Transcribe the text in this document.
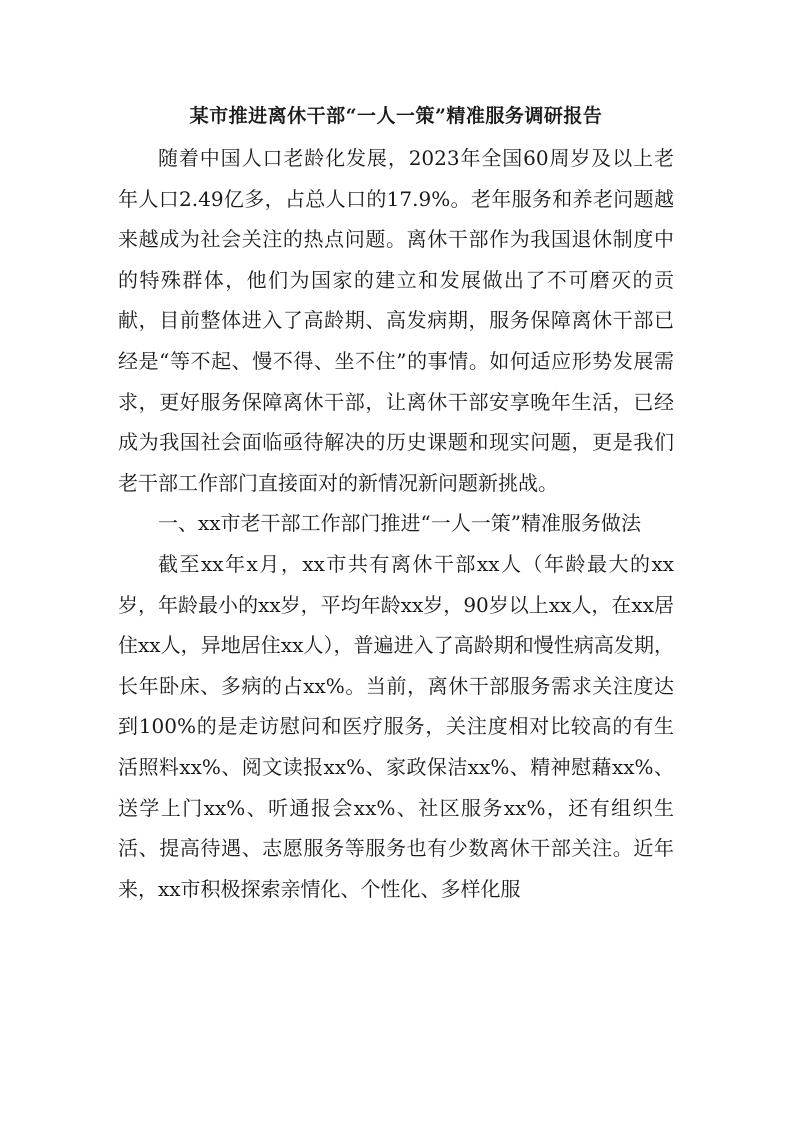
某市推进离休干部“一人一策”精准服务调研报告

随着中国人口老龄化发展，2023年全国60周岁及以上老年人口2.49亿多，占总人口的17.9%。老年服务和养老问题越来越成为社会关注的热点问题。离休干部作为我国退休制度中的特殊群体，他们为国家的建立和发展做出了不可磨灭的贡献，目前整体进入了高龄期、高发病期，服务保障离休干部已经是“等不起、慢不得、坐不住”的事情。如何适应形势发展需求，更好服务保障离休干部，让离休干部安享晚年生活，已经成为我国社会面临亟待解决的历史课题和现实问题，更是我们老干部工作部门直接面对的新情况新问题新挑战。

一、xx市老干部工作部门推进“一人一策”精准服务做法

截至xx年x月，xx市共有离休干部xx人（年龄最大的xx岁，年龄最小的xx岁，平均年龄xx岁，90岁以上xx人，在xx居住xx人，异地居住xx人），普遍进入了高龄期和慢性病高发期，长年卧床、多病的占xx%。当前，离休干部服务需求关注度达到100%的是走访慰问和医疗服务，关注度相对比较高的有生活照料xx%、阅文读报xx%、家政保洁xx%、精神慰藉xx%、送学上门xx%、听通报会xx%、社区服务xx%，还有组织生活、提高待遇、志愿服务等服务也有少数离休干部关注。近年来，xx市积极探索亲情化、个性化、多样化服
